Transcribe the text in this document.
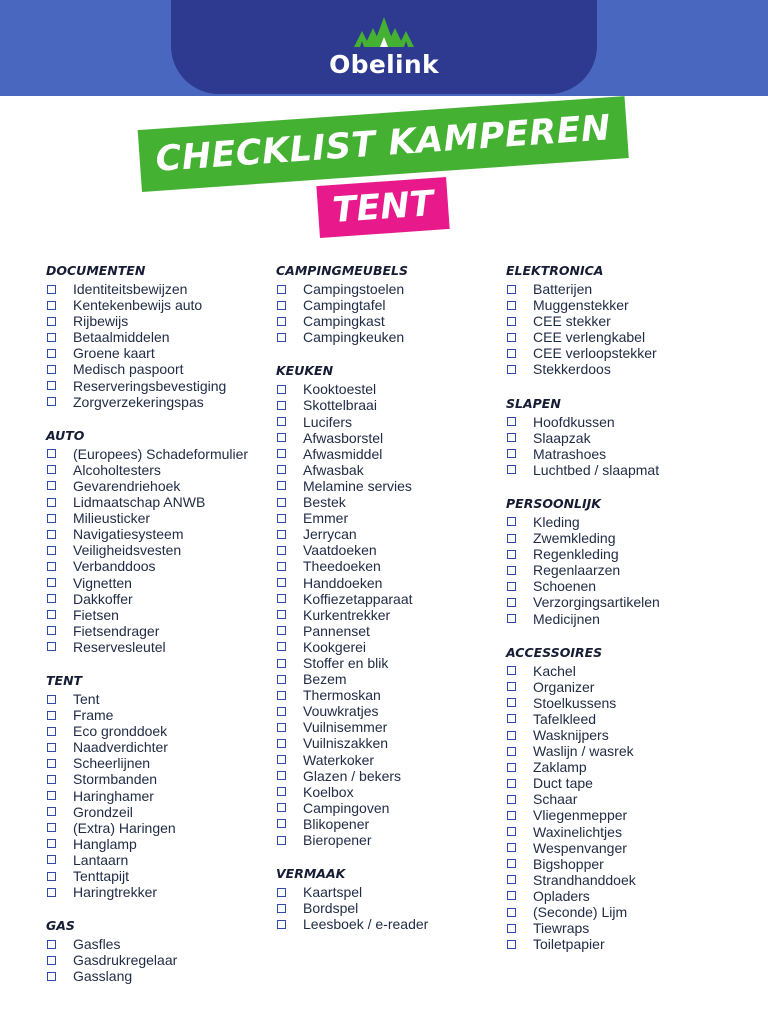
Obelink
CHECKLIST KAMPEREN
TENT
DOCUMENTEN
Identiteitsbewijzen
Kentekenbewijs auto
Rijbewijs
Betaalmiddelen
Groene kaart
Medisch paspoort
Reserveringsbevestiging
Zorgverzekeringspas
AUTO
(Europees) Schadeformulier
Alcoholtesters
Gevarendriehoek
Lidmaatschap ANWB
Milieusticker
Navigatiesysteem
Veiligheidsvesten
Verbanddoos
Vignetten
Dakkoffer
Fietsen
Fietsendrager
Reservesleutel
TENT
Tent
Frame
Eco gronddoek
Naadverdichter
Scheerlijnen
Stormbanden
Haringhamer
Grondzeil
(Extra) Haringen
Hanglamp
Lantaarn
Tenttapijt
Haringtrekker
GAS
Gasfles
Gasdrukregelaar
Gasslang
CAMPINGMEUBELS
Campingstoelen
Campingtafel
Campingkast
Campingkeuken
KEUKEN
Kooktoestel
Skottelbraai
Lucifers
Afwasborstel
Afwasmiddel
Afwasbak
Melamine servies
Bestek
Emmer
Jerrycan
Vaatdoeken
Theedoeken
Handdoeken
Koffiezetapparaat
Kurkentrekker
Pannenset
Kookgerei
Stoffer en blik
Bezem
Thermoskan
Vouwkratjes
Vuilnisemmer
Vuilniszakken
Waterkoker
Glazen / bekers
Koelbox
Campingoven
Blikopener
Bieropener
VERMAAK
Kaartspel
Bordspel
Leesboek / e-reader
ELEKTRONICA
Batterijen
Muggenstekker
CEE stekker
CEE verlengkabel
CEE verloopstekker
Stekkerdoos
SLAPEN
Hoofdkussen
Slaapzak
Matrashoes
Luchtbed / slaapmat
PERSOONLIJK
Kleding
Zwemkleding
Regenkleding
Regenlaarzen
Schoenen
Verzorgingsartikelen
Medicijnen
ACCESSOIRES
Kachel
Organizer
Stoelkussens
Tafelkleed
Wasknijpers
Waslijn / wasrek
Zaklamp
Duct tape
Schaar
Vliegenmepper
Waxinelichtjes
Wespenvanger
Bigshopper
Strandhanddoek
Opladers
(Seconde) Lijm
Tiewraps
Toiletpapier
